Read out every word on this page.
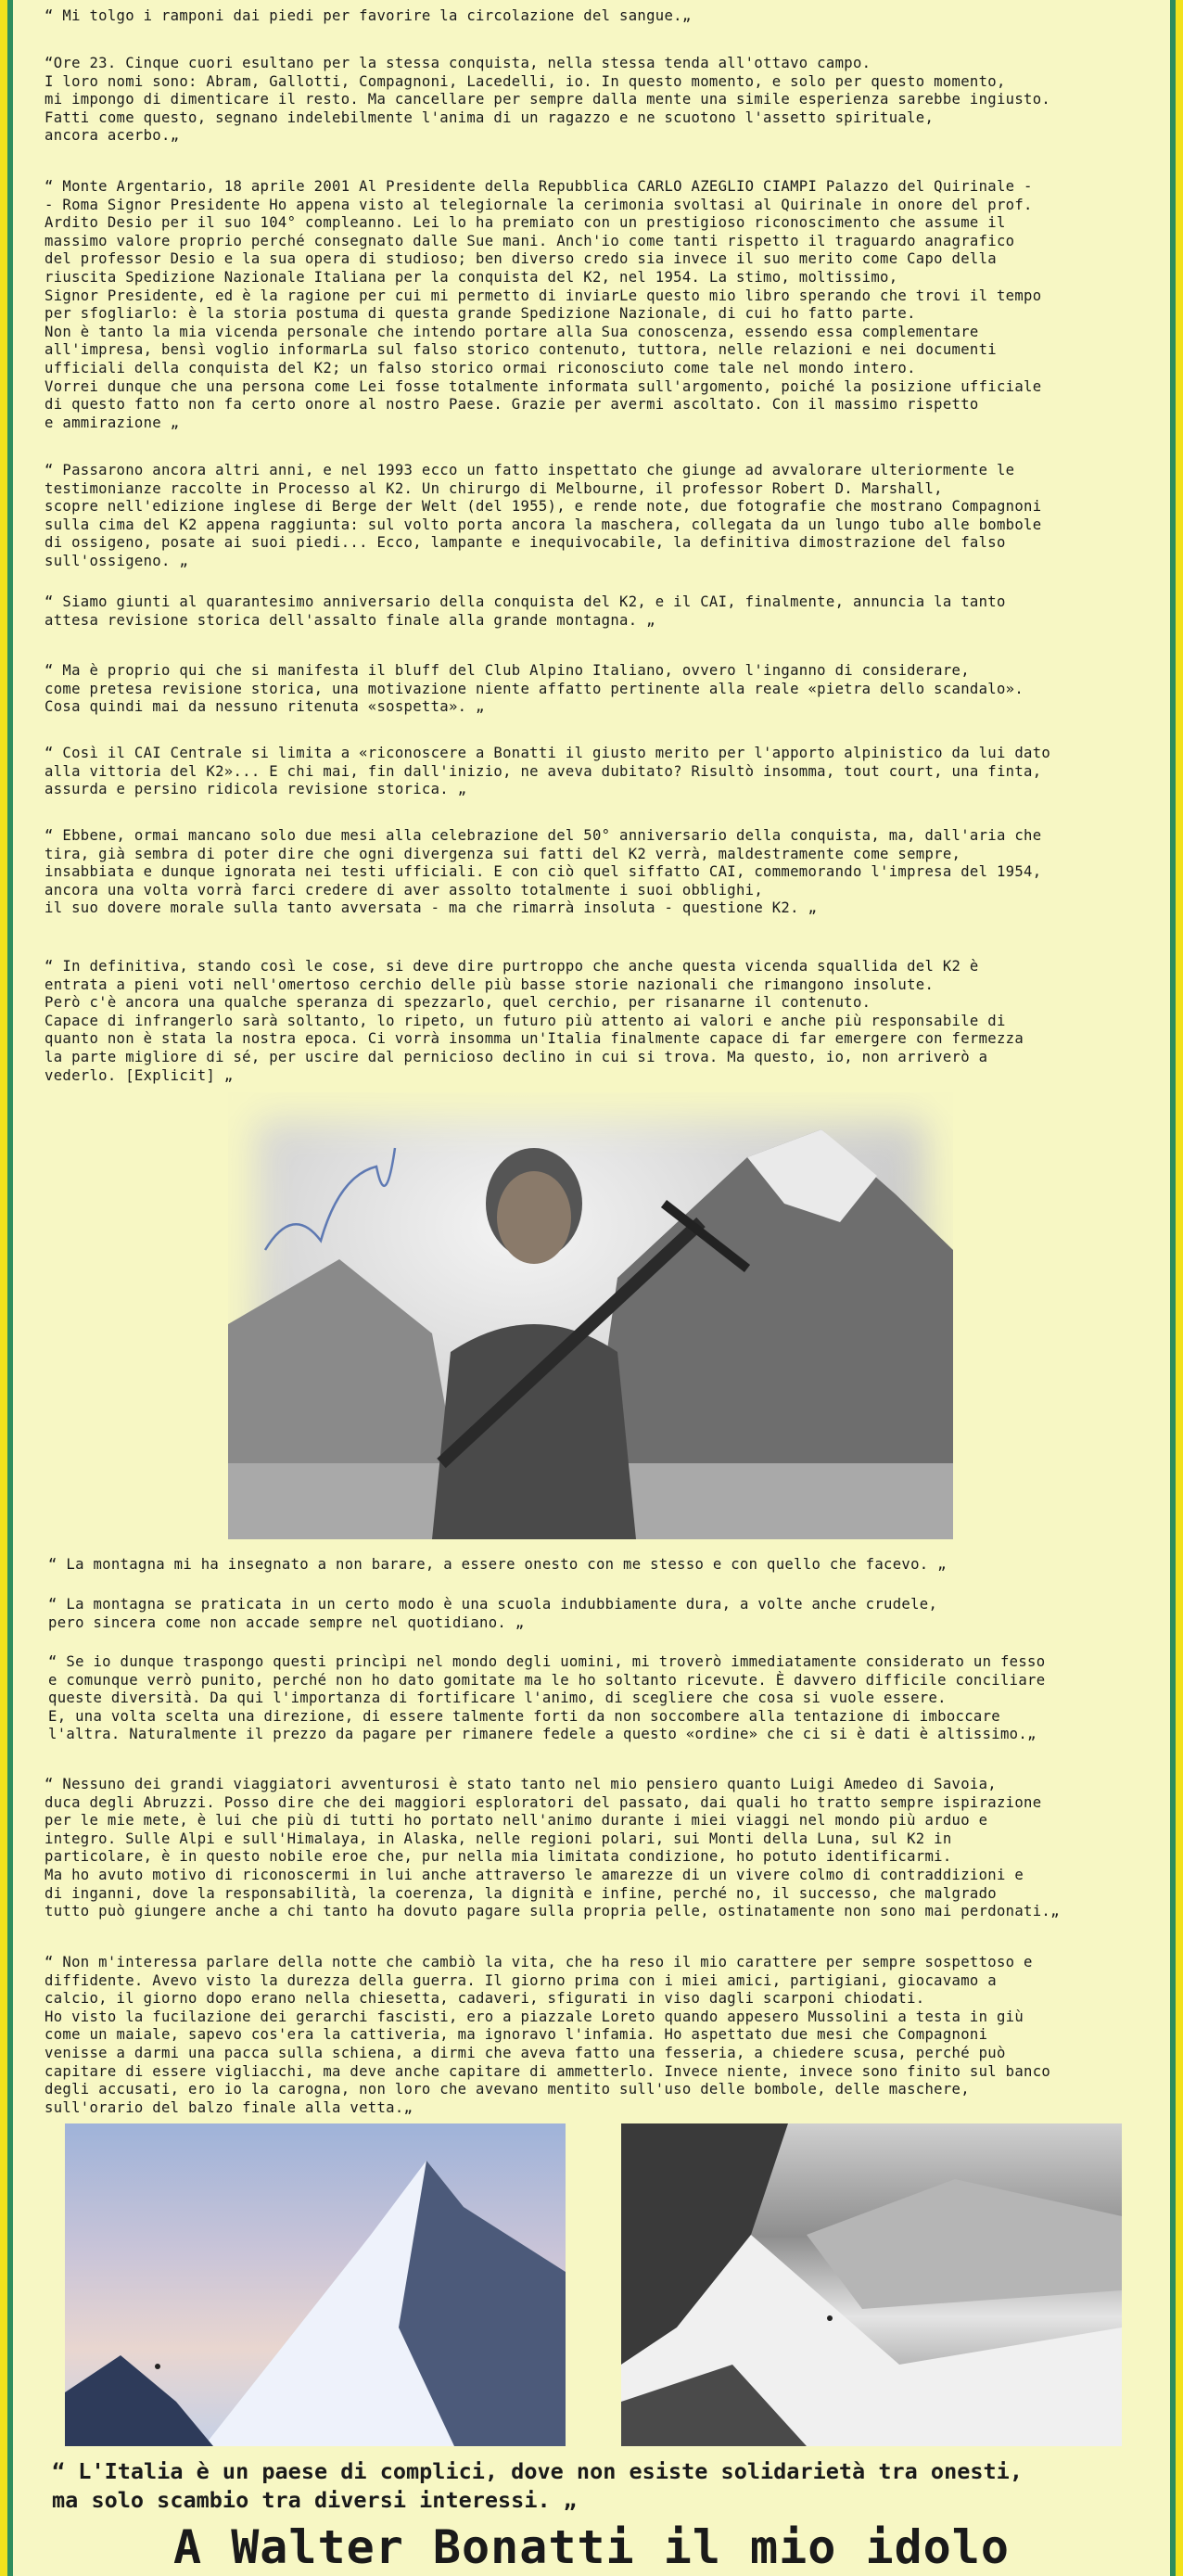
“ Mi tolgo i ramponi dai piedi per favorire la circolazione del sangue.„

“Ore 23. Cinque cuori esultano per la stessa conquista, nella stessa tenda all'ottavo campo.
I loro nomi sono: Abram, Gallotti, Compagnoni, Lacedelli, io. In questo momento, e solo per questo momento,
mi impongo di dimenticare il resto. Ma cancellare per sempre dalla mente una simile esperienza sarebbe ingiusto.
Fatti come questo, segnano indelebilmente l'anima di un ragazzo e ne scuotono l'assetto spirituale,
ancora acerbo.„

“ Monte Argentario, 18 aprile 2001 Al Presidente della Repubblica CARLO AZEGLIO CIAMPI Palazzo del Quirinale -
- Roma Signor Presidente Ho appena visto al telegiornale la cerimonia svoltasi al Quirinale in onore del prof.
Ardito Desio per il suo 104° compleanno. Lei lo ha premiato con un prestigioso riconoscimento che assume il
massimo valore proprio perché consegnato dalle Sue mani. Anch'io come tanti rispetto il traguardo anagrafico
del professor Desio e la sua opera di studioso; ben diverso credo sia invece il suo merito come Capo della
riuscita Spedizione Nazionale Italiana per la conquista del K2, nel 1954. La stimo, moltissimo,
Signor Presidente, ed è la ragione per cui mi permetto di inviarLe questo mio libro sperando che trovi il tempo
per sfogliarlo: è la storia postuma di questa grande Spedizione Nazionale, di cui ho fatto parte.
Non è tanto la mia vicenda personale che intendo portare alla Sua conoscenza, essendo essa complementare
all'impresa, bensì voglio informarLa sul falso storico contenuto, tuttora, nelle relazioni e nei documenti
ufficiali della conquista del K2; un falso storico ormai riconosciuto come tale nel mondo intero.
Vorrei dunque che una persona come Lei fosse totalmente informata sull'argomento, poiché la posizione ufficiale
di questo fatto non fa certo onore al nostro Paese. Grazie per avermi ascoltato. Con il massimo rispetto
e ammirazione „

“ Passarono ancora altri anni, e nel 1993 ecco un fatto inspettato che giunge ad avvalorare ulteriormente le
testimonianze raccolte in Processo al K2. Un chirurgo di Melbourne, il professor Robert D. Marshall,
scopre nell'edizione inglese di Berge der Welt (del 1955), e rende note, due fotografie che mostrano Compagnoni
sulla cima del K2 appena raggiunta: sul volto porta ancora la maschera, collegata da un lungo tubo alle bombole
di ossigeno, posate ai suoi piedi... Ecco, lampante e inequivocabile, la definitiva dimostrazione del falso
sull'ossigeno. „

“ Siamo giunti al quarantesimo anniversario della conquista del K2, e il CAI, finalmente, annuncia la tanto
attesa revisione storica dell'assalto finale alla grande montagna. „

“ Ma è proprio qui che si manifesta il bluff del Club Alpino Italiano, ovvero l'inganno di considerare,
come pretesa revisione storica, una motivazione niente affatto pertinente alla reale «pietra dello scandalo».
Cosa quindi mai da nessuno ritenuta «sospetta». „

“ Così il CAI Centrale si limita a «riconoscere a Bonatti il giusto merito per l'apporto alpinistico da lui dato
alla vittoria del K2»... E chi mai, fin dall'inizio, ne aveva dubitato? Risultò insomma, tout court, una finta,
assurda e persino ridicola revisione storica. „

“ Ebbene, ormai mancano solo due mesi alla celebrazione del 50° anniversario della conquista, ma, dall'aria che
tira, già sembra di poter dire che ogni divergenza sui fatti del K2 verrà, maldestramente come sempre,
insabbiata e dunque ignorata nei testi ufficiali. E con ciò quel siffatto CAI, commemorando l'impresa del 1954,
ancora una volta vorrà farci credere di aver assolto totalmente i suoi obblighi,
il suo dovere morale sulla tanto avversata - ma che rimarrà insoluta - questione K2. „

“ In definitiva, stando così le cose, si deve dire purtroppo che anche questa vicenda squallida del K2 è
entrata a pieni voti nell'omertoso cerchio delle più basse storie nazionali che rimangono insolute.
Però c'è ancora una qualche speranza di spezzarlo, quel cerchio, per risanarne il contenuto.
Capace di infrangerlo sarà soltanto, lo ripeto, un futuro più attento ai valori e anche più responsabile di
quanto non è stata la nostra epoca. Ci vorrà insomma un'Italia finalmente capace di far emergere con fermezza
la parte migliore di sé, per uscire dal pernicioso declino in cui si trova. Ma questo, io, non arriverò a
vederlo. [Explicit] „

“ La montagna mi ha insegnato a non barare, a essere onesto con me stesso e con quello che facevo. „

“ La montagna se praticata in un certo modo è una scuola indubbiamente dura, a volte anche crudele,
pero sincera come non accade sempre nel quotidiano. „

“ Se io dunque traspongo questi princìpi nel mondo degli uomini, mi troverò immediatamente considerato un fesso
e comunque verrò punito, perché non ho dato gomitate ma le ho soltanto ricevute. È davvero difficile conciliare
queste diversità. Da qui l'importanza di fortificare l'animo, di scegliere che cosa si vuole essere.
E, una volta scelta una direzione, di essere talmente forti da non soccombere alla tentazione di imboccare
l'altra. Naturalmente il prezzo da pagare per rimanere fedele a questo «ordine» che ci si è dati è altissimo.„

“ Nessuno dei grandi viaggiatori avventurosi è stato tanto nel mio pensiero quanto Luigi Amedeo di Savoia,
duca degli Abruzzi. Posso dire che dei maggiori esploratori del passato, dai quali ho tratto sempre ispirazione
per le mie mete, è lui che più di tutti ho portato nell'animo durante i miei viaggi nel mondo più arduo e
integro. Sulle Alpi e sull'Himalaya, in Alaska, nelle regioni polari, sui Monti della Luna, sul K2 in
particolare, è in questo nobile eroe che, pur nella mia limitata condizione, ho potuto identificarmi.
Ma ho avuto motivo di riconoscermi in lui anche attraverso le amarezze di un vivere colmo di contraddizioni e
di inganni, dove la responsabilità, la coerenza, la dignità e infine, perché no, il successo, che malgrado
tutto può giungere anche a chi tanto ha dovuto pagare sulla propria pelle, ostinatamente non sono mai perdonati.„

“ Non m'interessa parlare della notte che cambiò la vita, che ha reso il mio carattere per sempre sospettoso e
diffidente. Avevo visto la durezza della guerra. Il giorno prima con i miei amici, partigiani, giocavamo a
calcio, il giorno dopo erano nella chiesetta, cadaveri, sfigurati in viso dagli scarponi chiodati.
Ho visto la fucilazione dei gerarchi fascisti, ero a piazzale Loreto quando appesero Mussolini a testa in giù
come un maiale, sapevo cos'era la cattiveria, ma ignoravo l'infamia. Ho aspettato due mesi che Compagnoni
venisse a darmi una pacca sulla schiena, a dirmi che aveva fatto una fesseria, a chiedere scusa, perché può
capitare di essere vigliacchi, ma deve anche capitare di ammetterlo. Invece niente, invece sono finito sul banco
degli accusati, ero io la carogna, non loro che avevano mentito sull'uso delle bombole, delle maschere,
sull'orario del balzo finale alla vetta.„

“ L'Italia è un paese di complici, dove non esiste solidarietà tra onesti,
ma solo scambio tra diversi interessi. „
A Walter Bonatti il mio idolo
